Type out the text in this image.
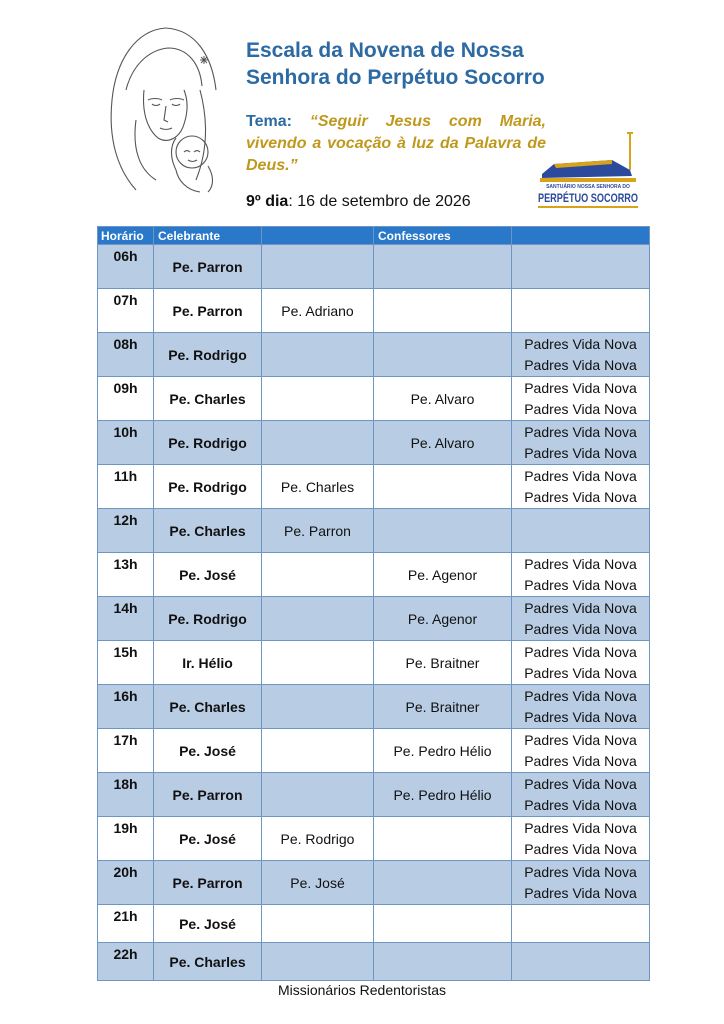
Escala da Novena de Nossa
Senhora do Perpétuo Socorro
Tema: “Seguir Jesus com Maria, vivendo a vocação à luz da Palavra de Deus.”
9º dia: 16 de setembro de 2026
SANTUÁRIO NOSSA SENHORA DO
PERPÉTUO SOCORRO
Horário	Celebrante		Confessores	
06h	Pe. Parron			

07h	Pe. Parron	Pe. Adriano		

08h	Pe. Rodrigo			Padres Vida Nova
Padres Vida Nova

09h	Pe. Charles		Pe. Alvaro	Padres Vida Nova
Padres Vida Nova

10h	Pe. Rodrigo		Pe. Alvaro	Padres Vida Nova
Padres Vida Nova

11h	Pe. Rodrigo	Pe. Charles		Padres Vida Nova
Padres Vida Nova

12h	Pe. Charles	Pe. Parron		

13h	Pe. José		Pe. Agenor	Padres Vida Nova
Padres Vida Nova

14h	Pe. Rodrigo		Pe. Agenor	Padres Vida Nova
Padres Vida Nova

15h	Ir. Hélio		Pe. Braitner	Padres Vida Nova
Padres Vida Nova

16h	Pe. Charles		Pe. Braitner	Padres Vida Nova
Padres Vida Nova

17h	Pe. José		Pe. Pedro Hélio	Padres Vida Nova
Padres Vida Nova

18h	Pe. Parron		Pe. Pedro Hélio	Padres Vida Nova
Padres Vida Nova

19h	Pe. José	Pe. Rodrigo		Padres Vida Nova
Padres Vida Nova

20h	Pe. Parron	Pe. José		Padres Vida Nova
Padres Vida Nova

21h	Pe. José			

22h	Pe. Charles			
Missionários Redentoristas
